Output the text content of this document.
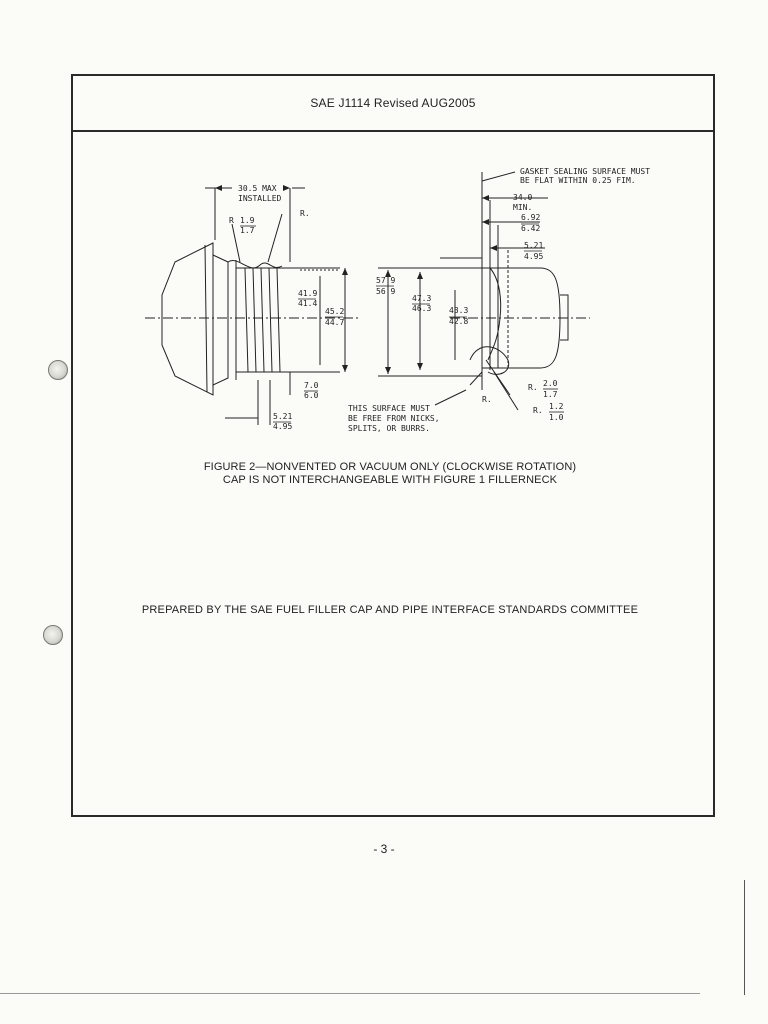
SAE J1114 Revised AUG2005
30.5 MAX
INSTALLED
R 1.9
1.7
R.
41.9
41.4
45.2
44.7
7.0
6.0
5.21
4.95
GASKET SEALING SURFACE MUST
BE FLAT WITHIN 0.25 FIM.
34.0
MIN.
6.92
6.42
5.21
4.95
57.9
56.9
47.3
46.3 43.3
42.8
R. 2.0
1.7
R.
R. 1.2
1.0
THIS SURFACE MUST
BE FREE FROM NICKS,
SPLITS, OR BURRS.
FIGURE 2—NONVENTED OR VACUUM ONLY (CLOCKWISE ROTATION)
CAP IS NOT INTERCHANGEABLE WITH FIGURE 1 FILLERNECK
PREPARED BY THE SAE FUEL FILLER CAP AND PIPE INTERFACE STANDARDS COMMITTEE
- 3 -
